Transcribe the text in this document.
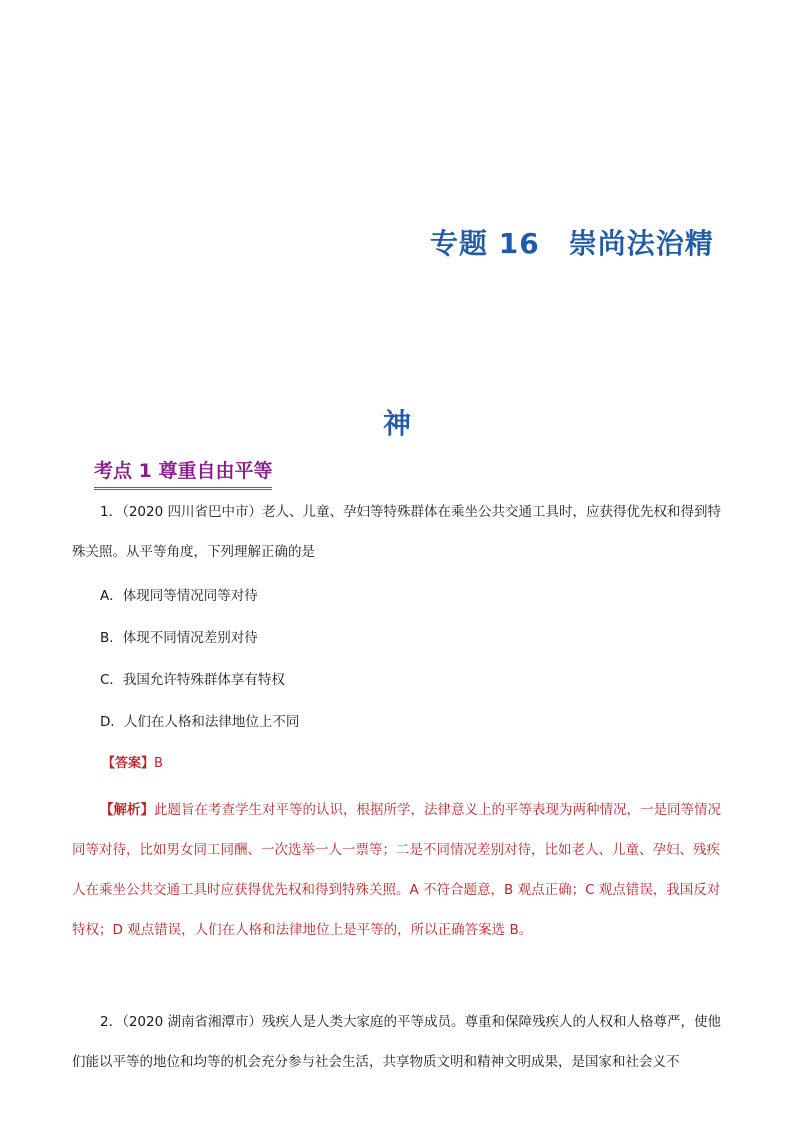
专题 16　崇尚法治精
神
考点 1 尊重自由平等
1．（2020 四川省巴中市）老人、儿童、孕妇等特殊群体在乘坐公共交通工具时，应获得优先权和得到特殊关照。从平等角度，下列理解正确的是
A．体现同等情况同等对待
B．体现不同情况差别对待
C．我国允许特殊群体享有特权
D．人们在人格和法律地位上不同
【答案】B
【解析】此题旨在考查学生对平等的认识，根据所学，法律意义上的平等表现为两种情况，一是同等情况同等对待，比如男女同工同酬、一次选举一人一票等；二是不同情况差别对待，比如老人、儿童、孕妇、残疾人在乘坐公共交通工具时应获得优先权和得到特殊关照。A 不符合题意，B 观点正确；C 观点错误，我国反对特权；D 观点错误，人们在人格和法律地位上是平等的，所以正确答案选 B。
2．（2020 湖南省湘潭市）残疾人是人类大家庭的平等成员。尊重和保障残疾人的人权和人格尊严，使他们能以平等的地位和均等的机会充分参与社会生活，共享物质文明和精神文明成果，是国家和社会义不
